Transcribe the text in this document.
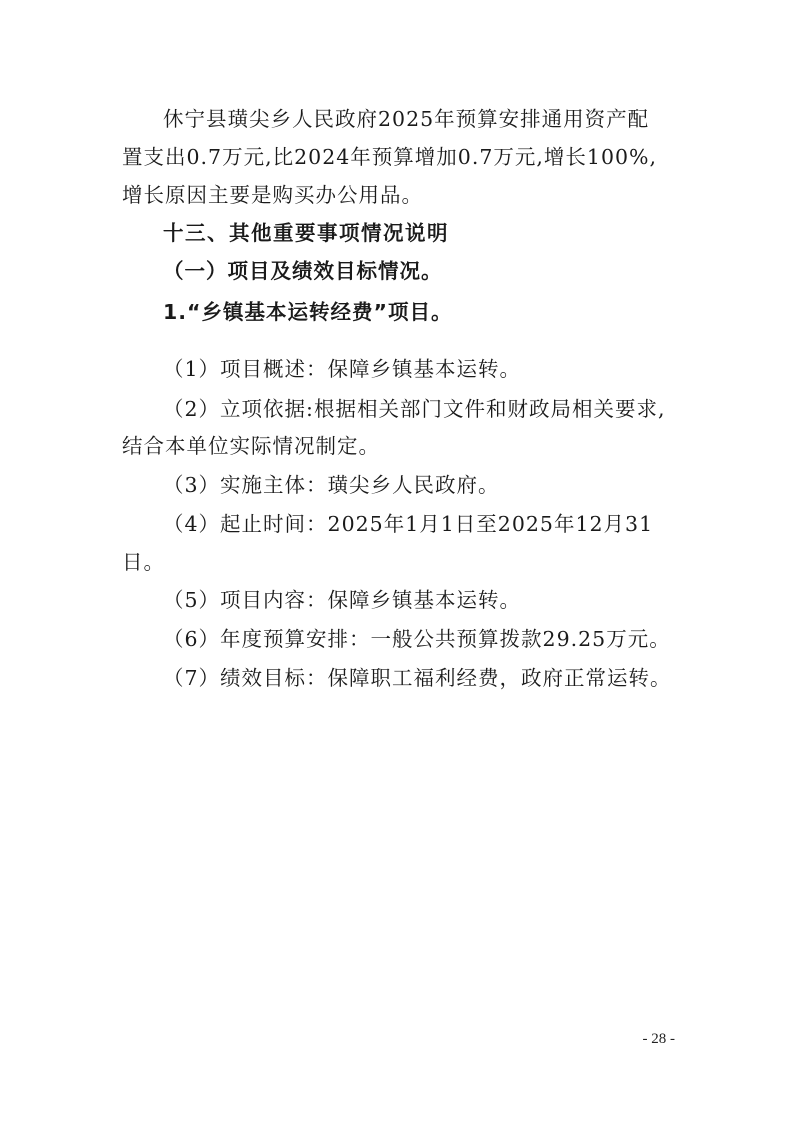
休宁县璜尖乡人民政府2025年预算安排通用资产配
置支出0.7万元,比2024年预算增加0.7万元,增长100%,
增长原因主要是购买办公用品。
十三、其他重要事项情况说明
（一）项目及绩效目标情况。
1.“乡镇基本运转经费”项目。
（1）项目概述：保障乡镇基本运转。
（2）立项依据:根据相关部门文件和财政局相关要求,
结合本单位实际情况制定。
（3）实施主体：璜尖乡人民政府。
（4）起止时间：2025年1月1日至2025年12月31
日。
（5）项目内容：保障乡镇基本运转。
（6）年度预算安排：一般公共预算拨款29.25万元。
（7）绩效目标：保障职工福利经费，政府正常运转。
- 28 -
